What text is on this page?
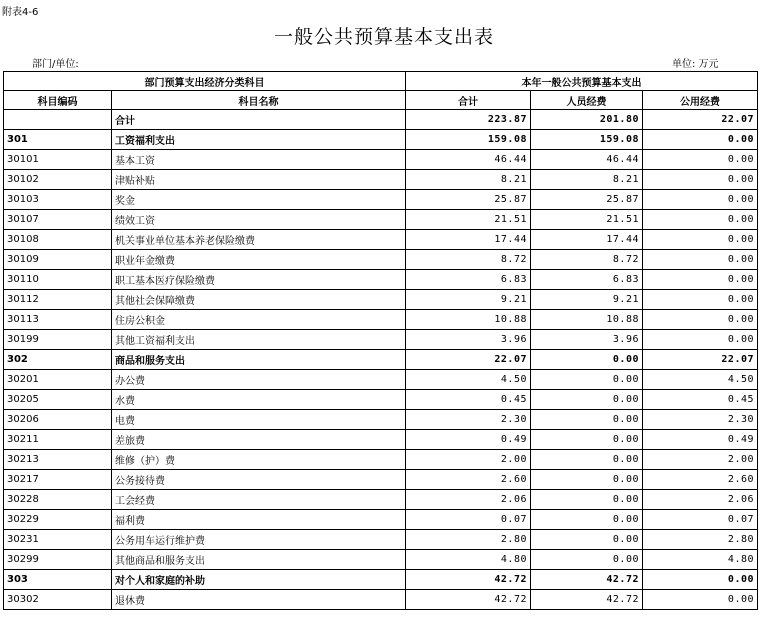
附表4-6
一般公共预算基本支出表
部门/单位:	单位: 万元
部门预算支出经济分类科目		本年一般公共预算基本支出		
科目编码	科目名称	合计	人员经费	公用经费
	合计	223.87	201.80	22.07
301	工资福利支出	159.08	159.08	0.00
30101	基本工资	46.44	46.44	0.00
30102	津贴补贴	8.21	8.21	0.00
30103	奖金	25.87	25.87	0.00
30107	绩效工资	21.51	21.51	0.00
30108	机关事业单位基本养老保险缴费	17.44	17.44	0.00
30109	职业年金缴费	8.72	8.72	0.00
30110	职工基本医疗保险缴费	6.83	6.83	0.00
30112	其他社会保障缴费	9.21	9.21	0.00
30113	住房公积金	10.88	10.88	0.00
30199	其他工资福利支出	3.96	3.96	0.00
302	商品和服务支出	22.07	0.00	22.07
30201	办公费	4.50	0.00	4.50
30205	水费	0.45	0.00	0.45
30206	电费	2.30	0.00	2.30
30211	差旅费	0.49	0.00	0.49
30213	维修（护）费	2.00	0.00	2.00
30217	公务接待费	2.60	0.00	2.60
30228	工会经费	2.06	0.00	2.06
30229	福利费	0.07	0.00	0.07
30231	公务用车运行维护费	2.80	0.00	2.80
30299	其他商品和服务支出	4.80	0.00	4.80
303	对个人和家庭的补助	42.72	42.72	0.00
30302	退休费	42.72	42.72	0.00
